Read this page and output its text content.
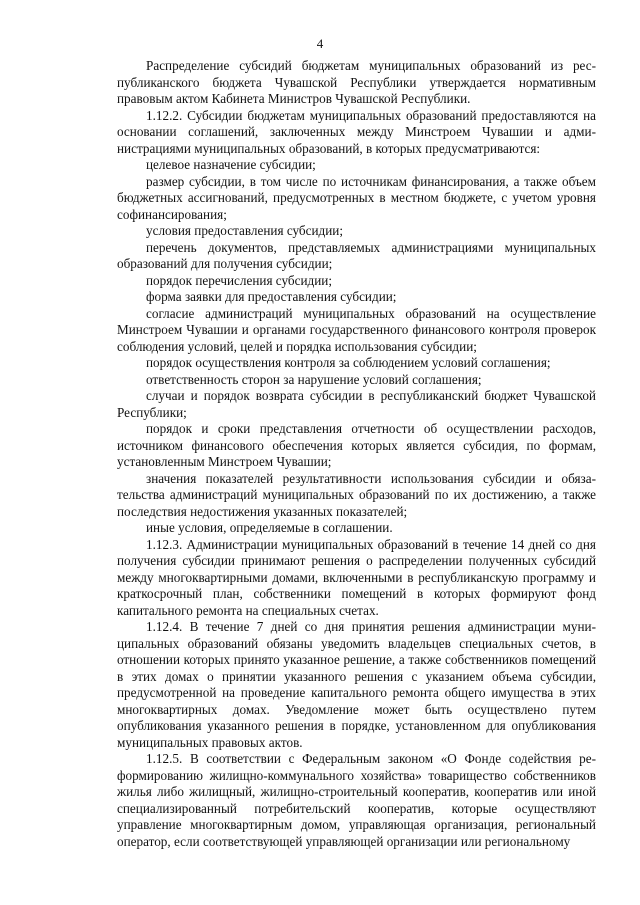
4

Распределение субсидий бюджетам муниципальных образований из республиканского бюджета Чувашской Республики утверждается нормативным правовым актом Кабинета Министров Чувашской Республики.

1.12.2. Субсидии бюджетам муниципальных образований предоставляются на основании соглашений, заключенных между Минстроем Чувашии и администрациями муниципальных образований, в которых предусматриваются:

целевое назначение субсидии;

размер субсидии, в том числе по источникам финансирования, а также объем бюджетных ассигнований, предусмотренных в местном бюджете, с учетом уровня софинансирования;

условия предоставления субсидии;

перечень документов, представляемых администрациями муниципальных образований для получения субсидии;

порядок перечисления субсидии;

форма заявки для предоставления субсидии;

согласие администраций муниципальных образований на осуществление Минстроем Чувашии и органами государственного финансового контроля проверок соблюдения условий, целей и порядка использования субсидии;

порядок осуществления контроля за соблюдением условий соглашения;

ответственность сторон за нарушение условий соглашения;

случаи и порядок возврата субсидии в республиканский бюджет Чувашской Республики;

порядок и сроки представления отчетности об осуществлении расходов, источником финансового обеспечения которых является субсидия, по формам, установленным Минстроем Чувашии;

значения показателей результативности использования субсидии и обязательства администраций муниципальных образований по их достижению, а также последствия недостижения указанных показателей;

иные условия, определяемые в соглашении.

1.12.3. Администрации муниципальных образований в течение 14 дней со дня получения субсидии принимают решения о распределении полученных субсидий между многоквартирными домами, включенными в республиканскую программу и краткосрочный план, собственники помещений в которых формируют фонд капитального ремонта на специальных счетах.

1.12.4. В течение 7 дней со дня принятия решения администрации муниципальных образований обязаны уведомить владельцев специальных счетов, в отношении которых принято указанное решение, а также собственников помещений в этих домах о принятии указанного решения с указанием объема субсидии, предусмотренной на проведение капитального ремонта общего имущества в этих многоквартирных домах. Уведомление может быть осуществлено путем опубликования указанного решения в порядке, установленном для опубликования муниципальных правовых актов.

1.12.5. В соответствии с Федеральным законом «О Фонде содействия реформированию жилищно-коммунального хозяйства» товарищество собственников жилья либо жилищный, жилищно-строительный кооператив, кооператив или иной специализированный потребительский кооператив, которые осуществляют управление многоквартирным домом, управляющая организация, региональный оператор, если соответствующей управляющей организации или региональному
